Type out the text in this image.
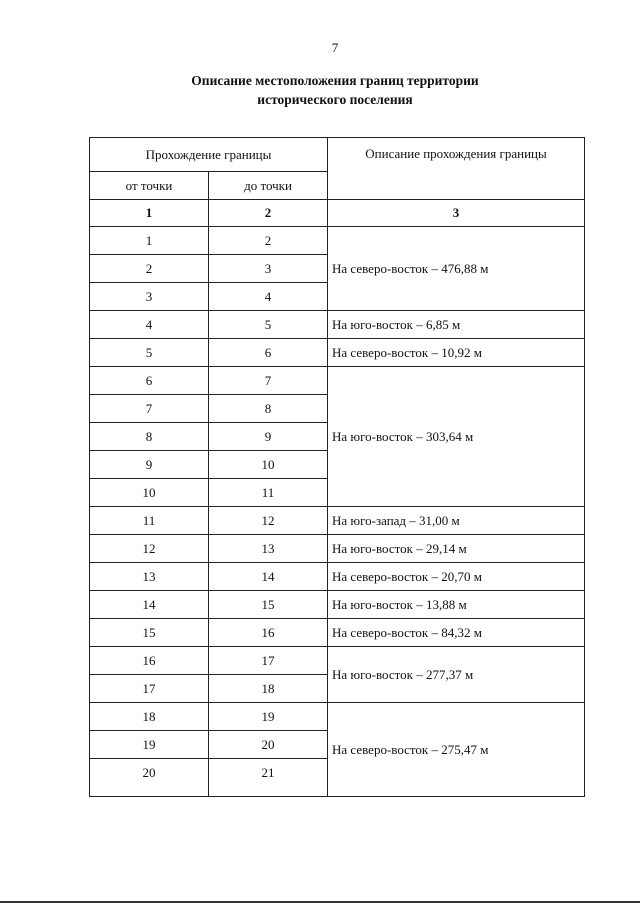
7
Описание местоположения границ территории
исторического поселения
Прохождение границы		Описание прохождения границы
от точки	до точки	
1	2	3
1	2	На северо-восток – 476,88 м
2	3	
3	4	
4	5	На юго-восток – 6,85 м
5	6	На северо-восток – 10,92 м
6	7	На юго-восток – 303,64 м
7	8	
8	9	
9	10	
10	11	
11	12	На юго-запад – 31,00 м
12	13	На юго-восток – 29,14 м
13	14	На северо-восток – 20,70 м
14	15	На юго-восток – 13,88 м
15	16	На северо-восток – 84,32 м
16	17	На юго-восток – 277,37 м
17	18	
18	19	На северо-восток – 275,47 м
19	20	
20	21	
